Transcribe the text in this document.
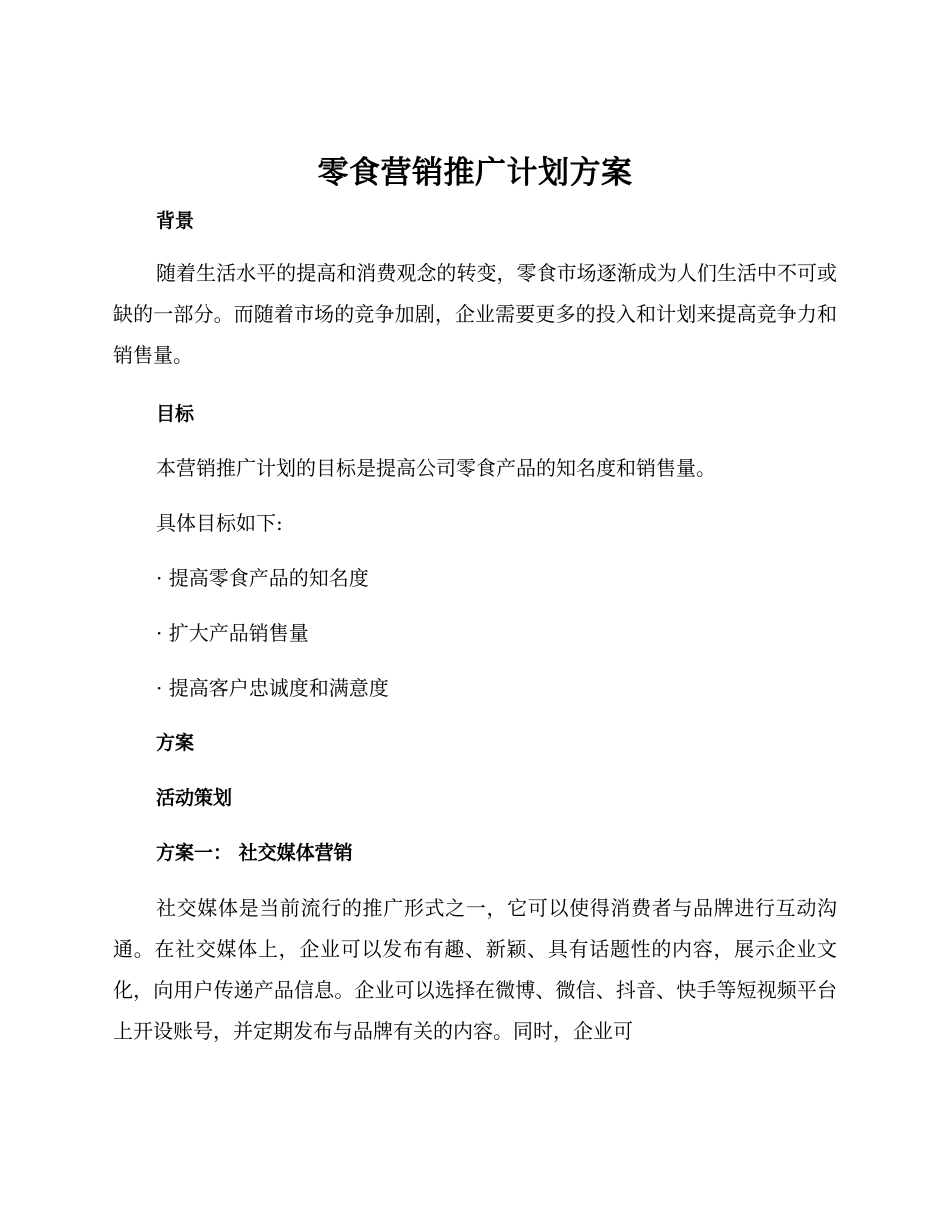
零食营销推广计划方案
背景
随着生活水平的提高和消费观念的转变，零食市场逐渐成为人们生活中不可或缺的一部分。而随着市场的竞争加剧，企业需要更多的投入和计划来提高竞争力和销售量。
目标
本营销推广计划的目标是提高公司零食产品的知名度和销售量。
具体目标如下:
· 提高零食产品的知名度
· 扩大产品销售量
· 提高客户忠诚度和满意度
方案
活动策划
方案一： 社交媒体营销
社交媒体是当前流行的推广形式之一，它可以使得消费者与品牌进行互动沟通。在社交媒体上，企业可以发布有趣、新颖、具有话题性的内容，展示企业文化，向用户传递产品信息。企业可以选择在微博、微信、抖音、快手等短视频平台上开设账号，并定期发布与品牌有关的内容。同时，企业可
